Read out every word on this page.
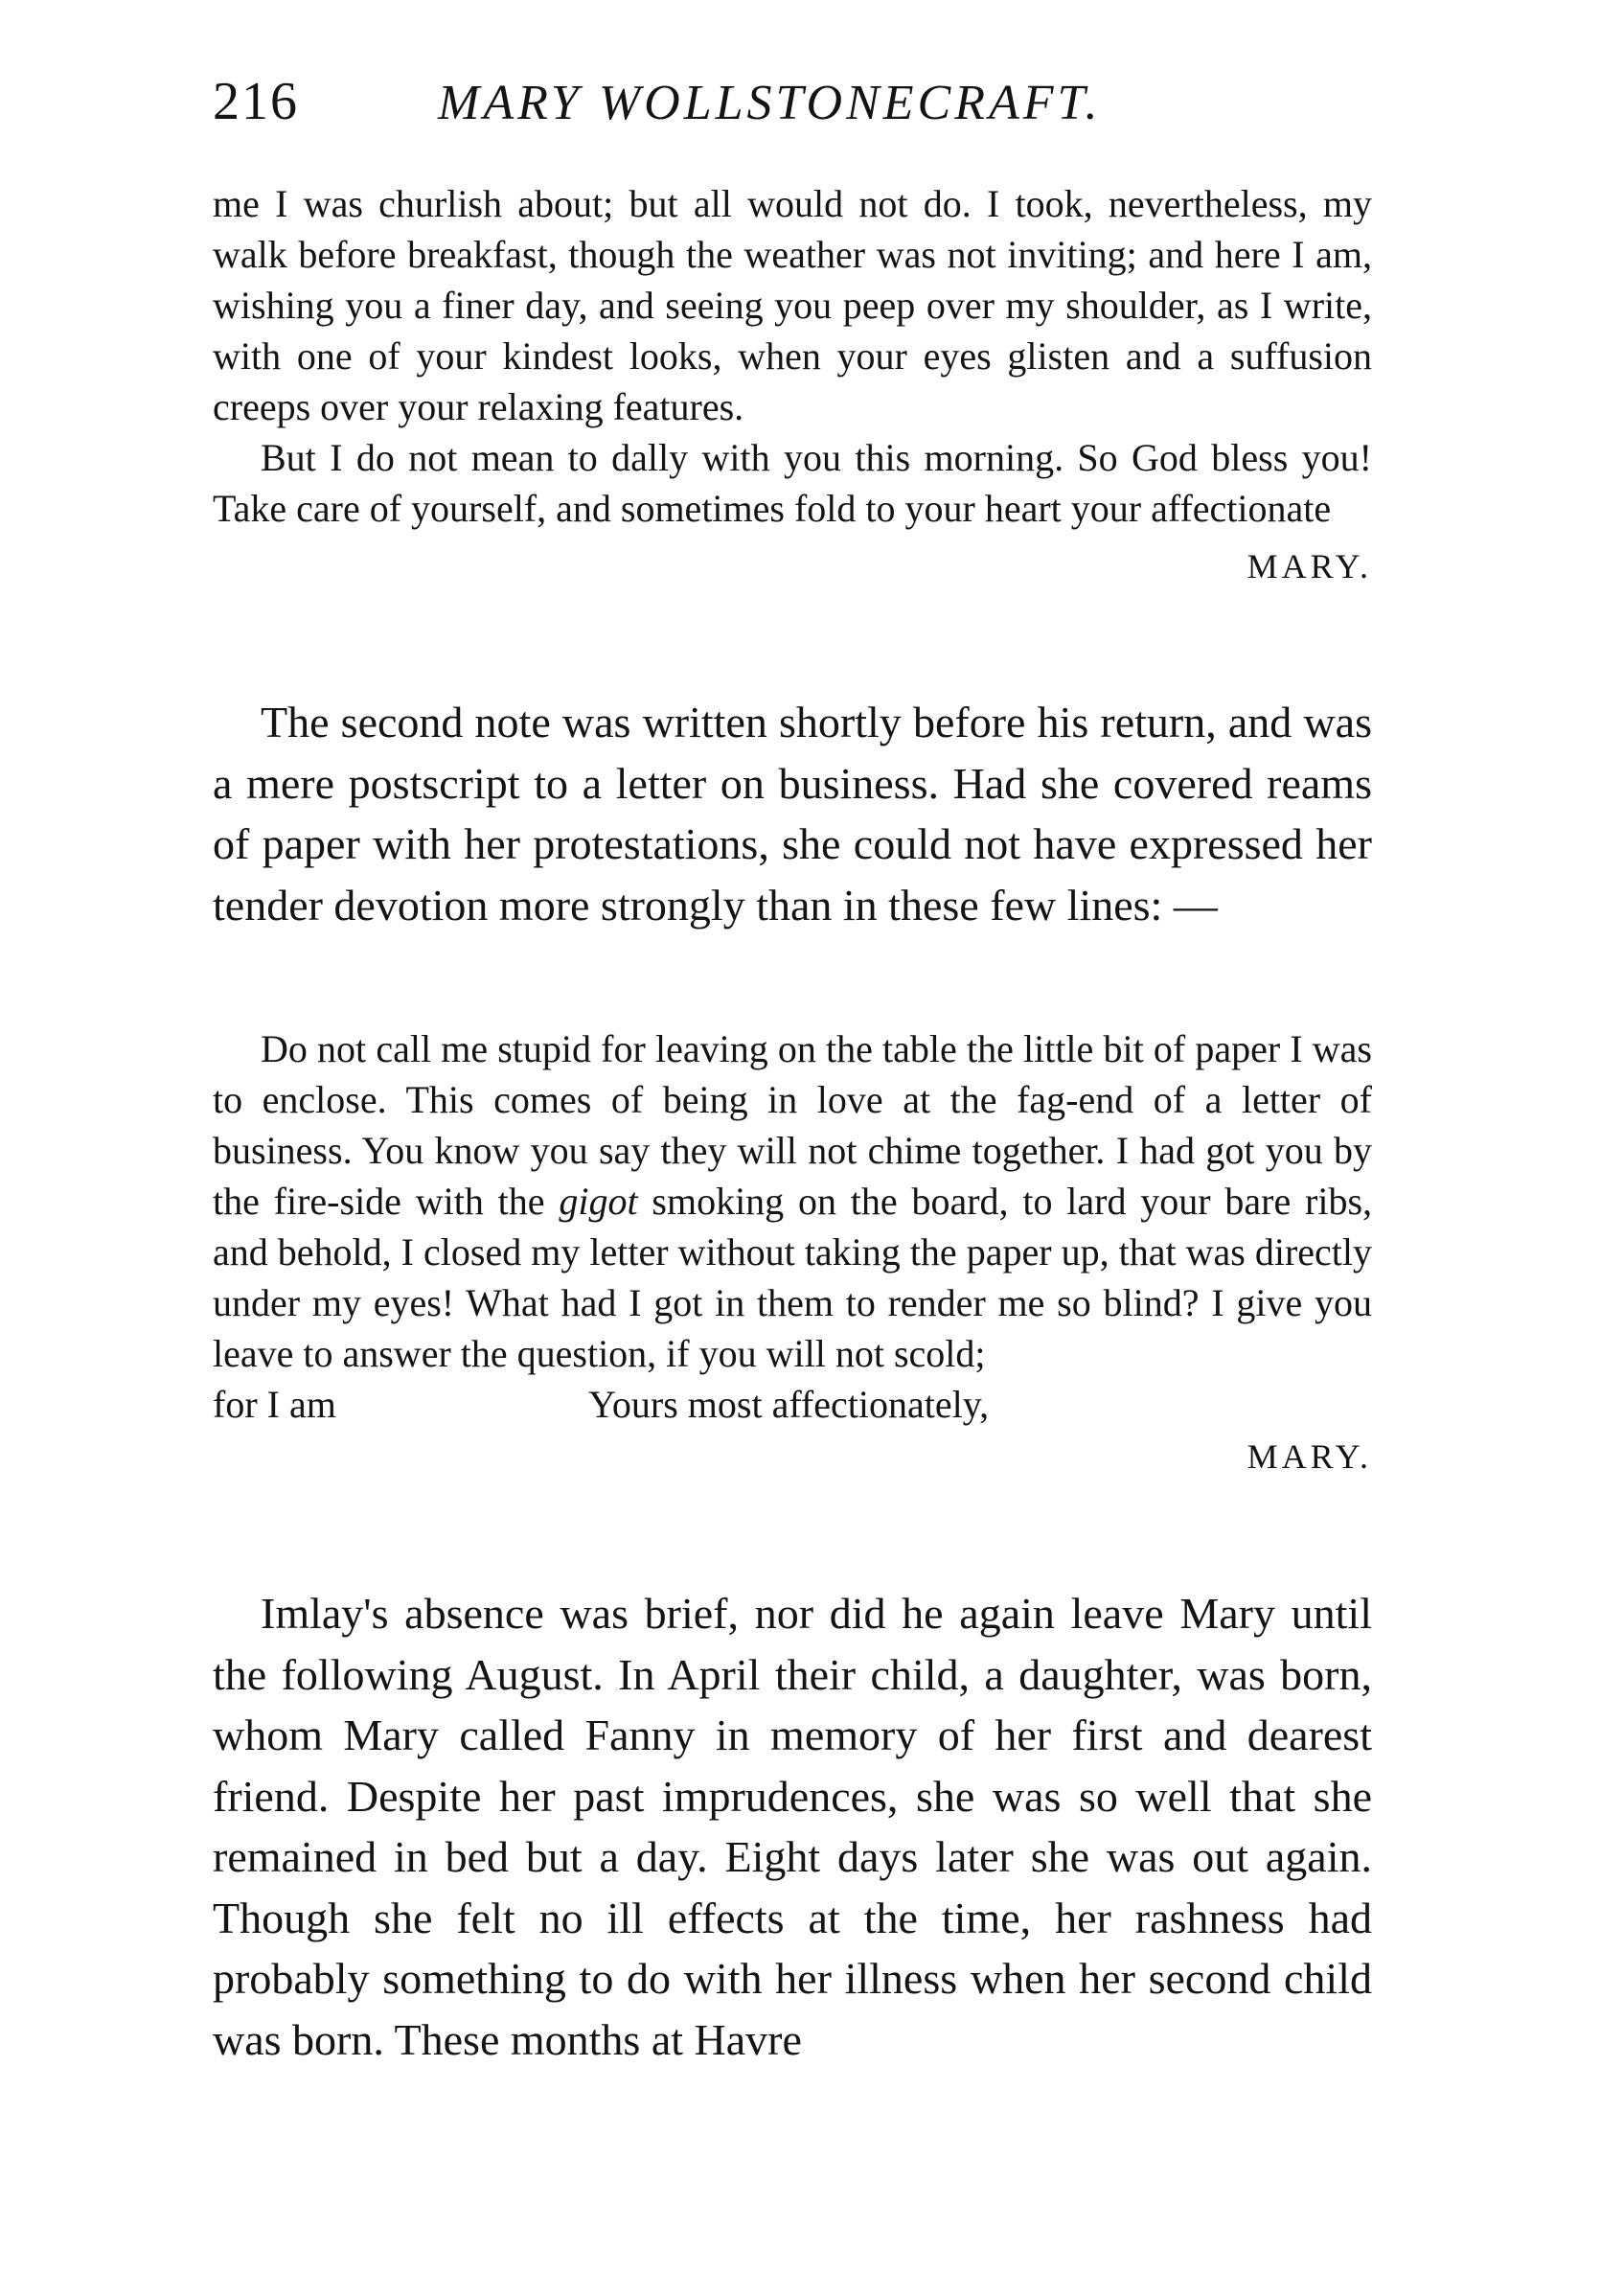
216	MARY WOLLSTONECRAFT.

me I was churlish about; but all would not do. I took, nevertheless, my walk before breakfast, though the weather was not inviting; and here I am, wishing you a finer day, and seeing you peep over my shoulder, as I write, with one of your kindest looks, when your eyes glisten and a suffusion creeps over your relaxing features.

But I do not mean to dally with you this morning. So God bless you! Take care of yourself, and sometimes fold to your heart your affectionate

MARY.

The second note was written shortly before his return, and was a mere postscript to a letter on business. Had she covered reams of paper with her protestations, she could not have expressed her tender devotion more strongly than in these few lines: —

Do not call me stupid for leaving on the table the little bit of paper I was to enclose. This comes of being in love at the fag-end of a letter of business. You know you say they will not chime together. I had got you by the fire-side with the gigot smoking on the board, to lard your bare ribs, and behold, I closed my letter without taking the paper up, that was directly under my eyes! What had I got in them to render me so blind? I give you leave to answer the question, if you will not scold;

for I am	Yours most affectionately,
MARY.

Imlay's absence was brief, nor did he again leave Mary until the following August. In April their child, a daughter, was born, whom Mary called Fanny in memory of her first and dearest friend. Despite her past imprudences, she was so well that she remained in bed but a day. Eight days later she was out again. Though she felt no ill effects at the time, her rashness had probably something to do with her illness when her second child was born. These months at Havre
